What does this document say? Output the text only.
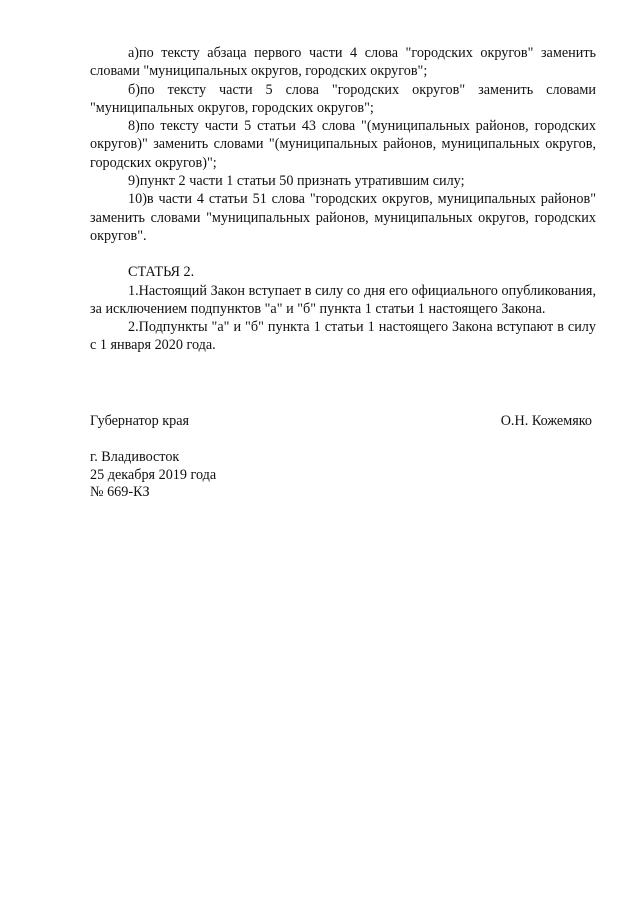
а)по тексту абзаца первого части 4 слова "городских округов" заменить словами "муниципальных округов, городских округов";

б)по тексту части 5 слова "городских округов" заменить словами "муниципальных округов, городских округов";

8)по тексту части 5 статьи 43 слова "(муниципальных районов, городских округов)" заменить словами "(муниципальных районов, муниципальных округов, городских округов)";

9)пункт 2 части 1 статьи 50 признать утратившим силу;

10)в части 4 статьи 51 слова "городских округов, муниципальных районов" заменить словами "муниципальных районов, муниципальных округов, городских округов".

СТАТЬЯ 2.

1.Настоящий Закон вступает в силу со дня его официального опубликования, за исключением подпунктов "а" и "б" пункта 1 статьи 1 настоящего Закона.

2.Подпункты "а" и "б" пункта 1 статьи 1 настоящего Закона вступают в силу с 1 января 2020 года.

Губернатор края	О.Н. Кожемяко
г. Владивосток
25 декабря 2019 года
№ 669-КЗ
